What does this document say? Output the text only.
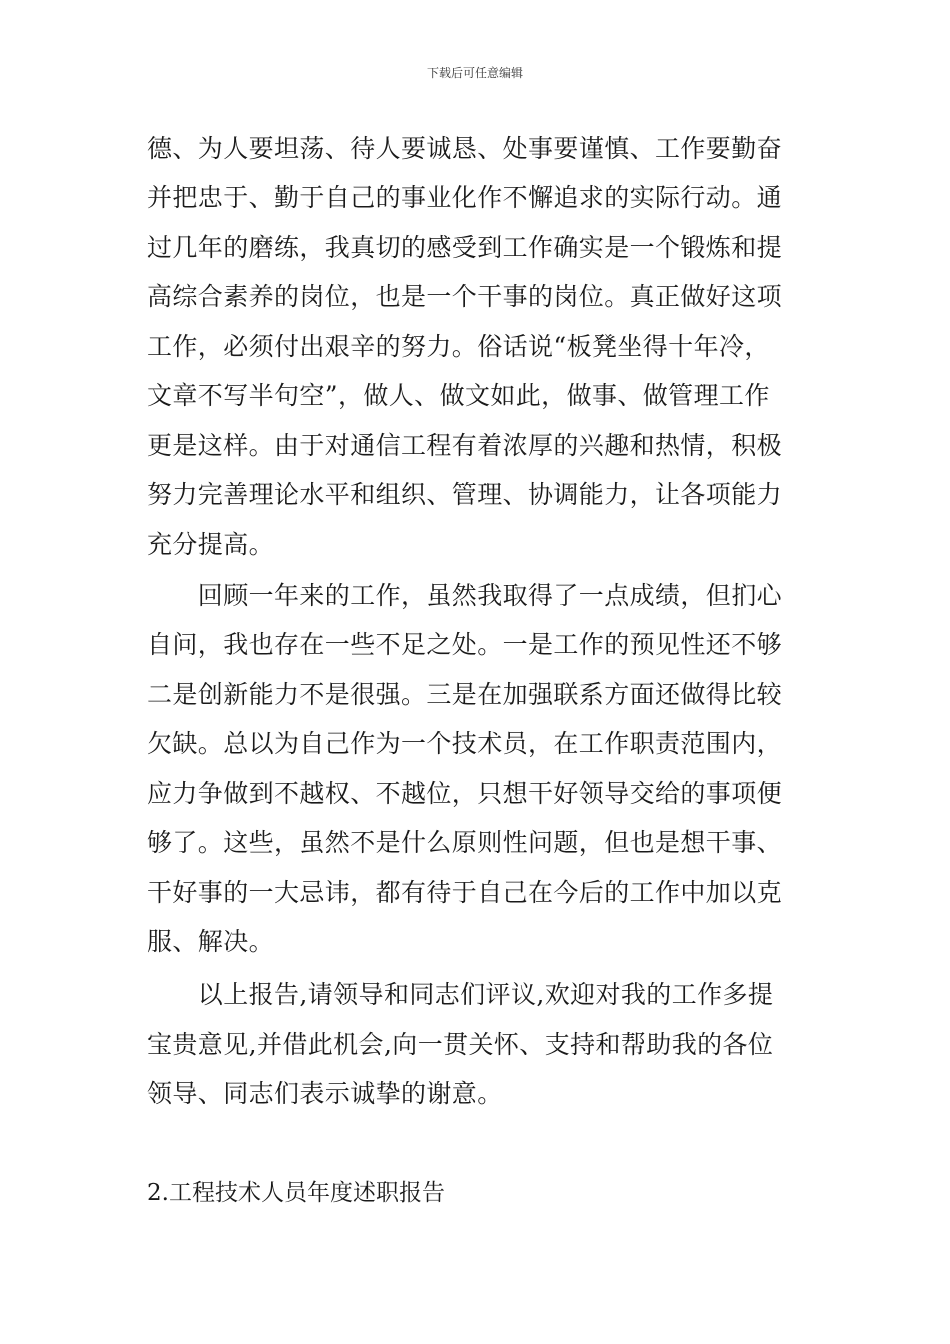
下载后可任意编辑
德、为人要坦荡、待人要诚恳、处事要谨慎、工作要勤奋
并把忠于、勤于自己的事业化作不懈追求的实际行动。通
过几年的磨练，我真切的感受到工作确实是一个锻炼和提
高综合素养的岗位，也是一个干事的岗位。真正做好这项
工作，必须付出艰辛的努力。俗话说“板凳坐得十年冷，
文章不写半句空”，做人、做文如此，做事、做管理工作
更是这样。由于对通信工程有着浓厚的兴趣和热情，积极
努力完善理论水平和组织、管理、协调能力，让各项能力
充分提高。
　　回顾一年来的工作，虽然我取得了一点成绩，但扪心
自问，我也存在一些不足之处。一是工作的预见性还不够
二是创新能力不是很强。三是在加强联系方面还做得比较
欠缺。总以为自己作为一个技术员，在工作职责范围内，
应力争做到不越权、不越位，只想干好领导交给的事项便
够了。这些，虽然不是什么原则性问题，但也是想干事、
干好事的一大忌讳，都有待于自己在今后的工作中加以克
服、解决。
　　以上报告,请领导和同志们评议,欢迎对我的工作多提
宝贵意见,并借此机会,向一贯关怀、支持和帮助我的各位
领导、同志们表示诚挚的谢意。
2.工程技术人员年度述职报告
